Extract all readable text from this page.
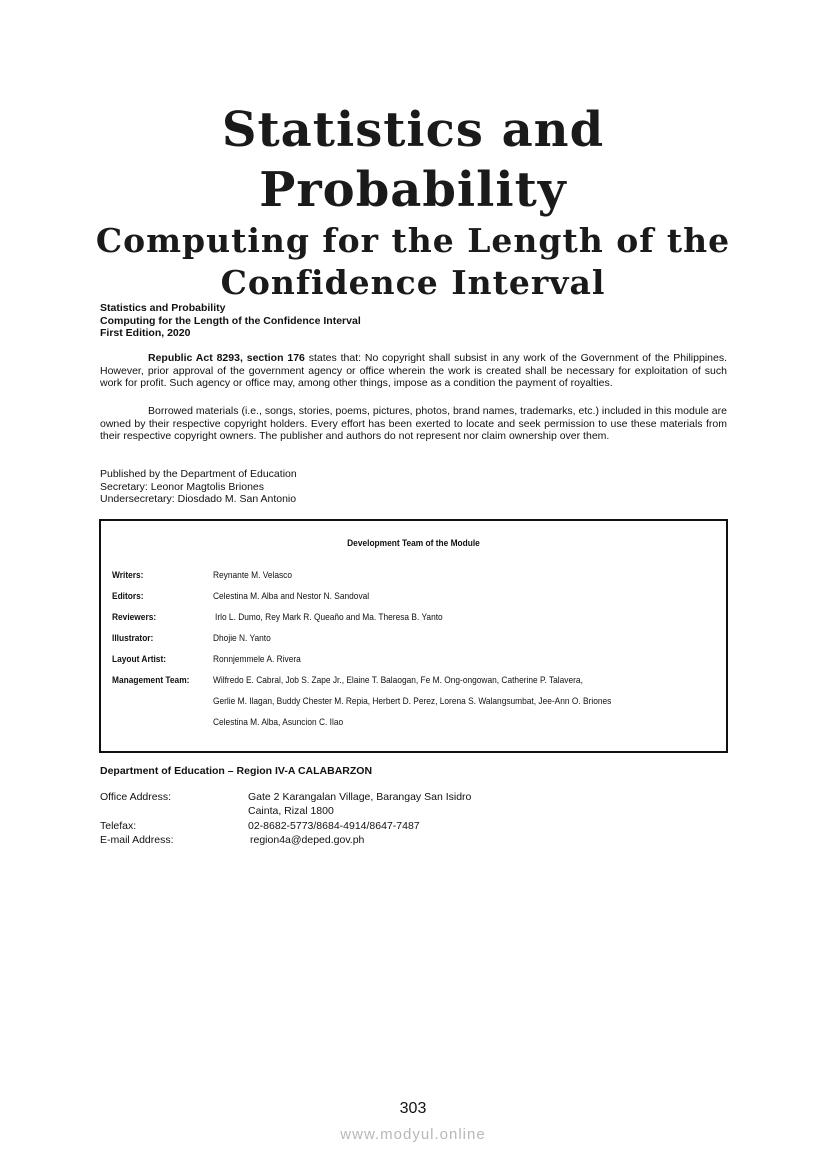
Statistics and
Probability
Computing for the Length of the
Confidence Interval
Statistics and Probability
Computing for the Length of the Confidence Interval
First Edition, 2020
Republic Act 8293, section 176 states that: No copyright shall subsist in any work of the Government of the Philippines. However, prior approval of the government agency or office wherein the work is created shall be necessary for exploitation of such work for profit. Such agency or office may, among other things, impose as a condition the payment of royalties.
Borrowed materials (i.e., songs, stories, poems, pictures, photos, brand names, trademarks, etc.) included in this module are owned by their respective copyright holders. Every effort has been exerted to locate and seek permission to use these materials from their respective copyright owners. The publisher and authors do not represent nor claim ownership over them.
Published by the Department of Education
Secretary: Leonor Magtolis Briones
Undersecretary: Diosdado M. San Antonio
Development Team of the Module
Writers:	Reynante M. Velasco
Editors:	Celestina M. Alba and Nestor N. Sandoval
Reviewers:	Irlo L. Dumo, Rey Mark R. Queaño and Ma. Theresa B. Yanto
Illustrator:	Dhojie N. Yanto
Layout Artist:	Ronnjemmele A. Rivera
Management Team: Wilfredo E. Cabral, Job S. Zape Jr., Elaine T. Balaogan, Fe M. Ong-ongowan, Catherine P. Talavera,
Gerlie M. Ilagan, Buddy Chester M. Repia, Herbert D. Perez, Lorena S. Walangsumbat, Jee-Ann O. Briones
Celestina M. Alba, Asuncion C. Ilao
Department of Education – Region IV-A CALABARZON
Office Address:	Gate 2 Karangalan Village, Barangay San Isidro
Cainta, Rizal 1800
Telefax:	02-8682-5773/8684-4914/8647-7487
E-mail Address:	region4a@deped.gov.ph
303
www.modyul.online
